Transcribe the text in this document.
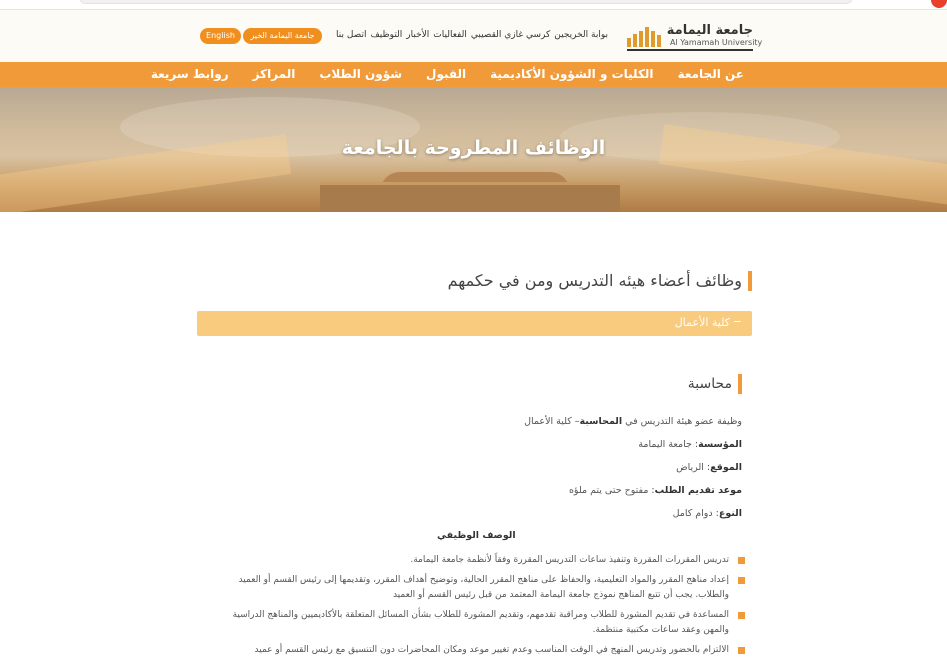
جامعة اليمامة
Al Yamamah University
بوابة الخريجين
كرسي غازي القصيبي
الفعاليات
الأخبار
التوظيف
اتصل بنا
جامعة اليمامة الخير
English
عن الجامعة
الكليات و الشؤون الأكاديمية
القبول
شؤون الطلاب
المراكز
روابط سريعة
الوظائف المطروحة بالجامعة
وظائف أعضاء هيئه التدريس ومن في حكمهم
−
كلية الأعمال
محاسبة
وظيفة عضو هيئة التدريس في المحاسبة– كلية الأعمال
المؤسسة: جامعة اليمامة
الموقع: الرياض
موعد تقديم الطلب: مفتوح حتى يتم ملؤه
النوع: دوام كامل
الوصف الوظيفي
تدريس المقررات المقررة وتنفيذ ساعات التدريس المقررة وفقاً لأنظمة جامعة اليمامة.
إعداد مناهج المقرر والمواد التعليمية، والحفاظ على مناهج المقرر الحالية، وتوضيح أهداف المقرر، وتقديمها إلى رئيس القسم أو العميد والطلاب. يجب أن تتبع المناهج نموذج جامعة اليمامة المعتمد من قبل رئيس القسم أو العميد
المساعدة في تقديم المشورة للطلاب ومراقبة تقدمهم، وتقديم المشورة للطلاب بشأن المسائل المتعلقة بالأكاديميين والمناهج الدراسية والمهن وعقد ساعات مكتبية منتظمة.
الالتزام بالحضور وتدريس المنهج في الوقت المناسب وعدم تغيير موعد ومكان المحاضرات دون التنسيق مع رئيس القسم أو عميد
